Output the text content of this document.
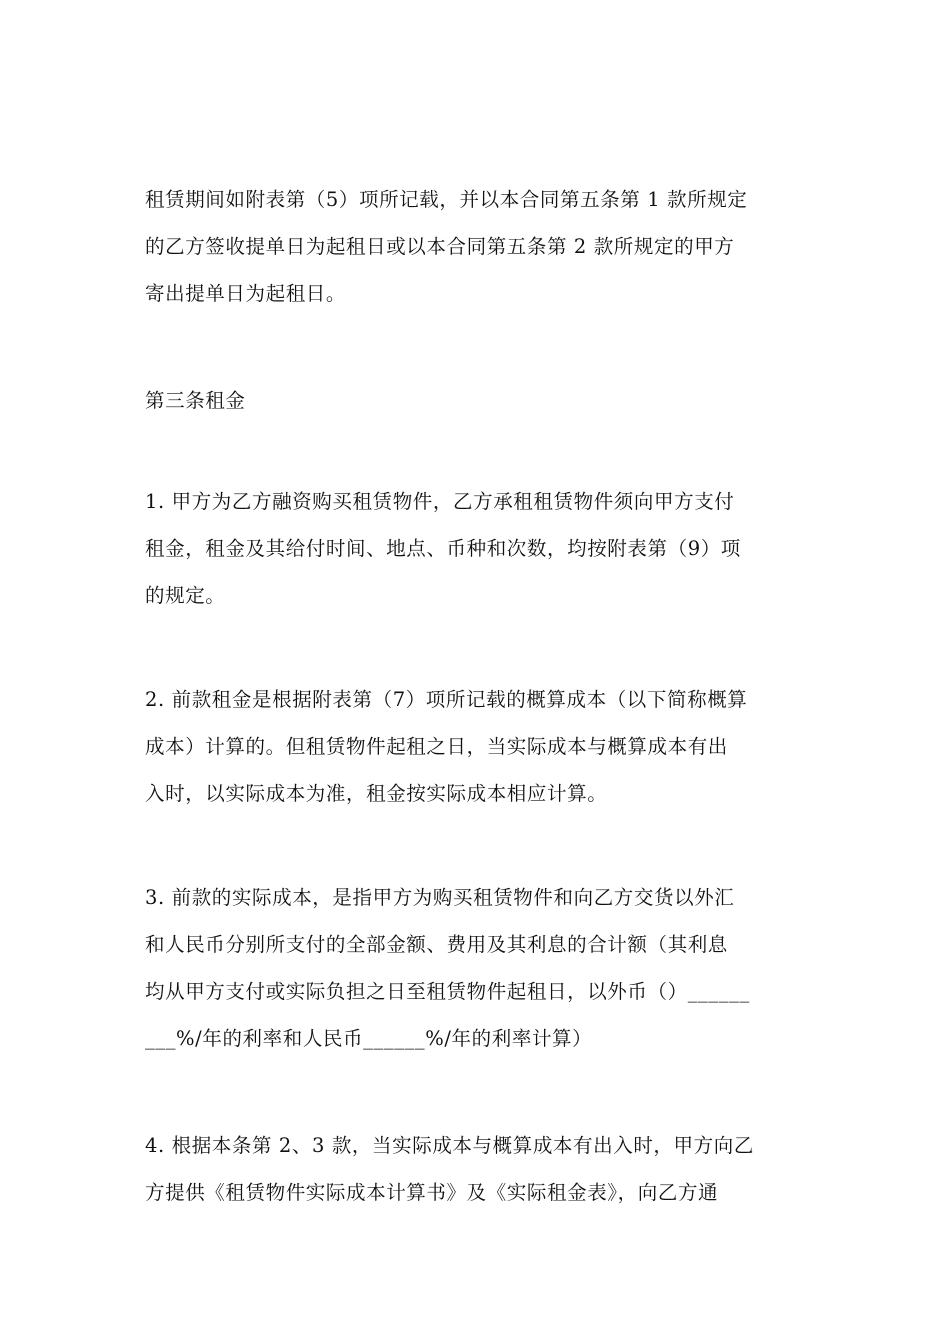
租赁期间如附表第（5）项所记载，并以本合同第五条第 1 款所规定
的乙方签收提单日为起租日或以本合同第五条第 2 款所规定的甲方
寄出提单日为起租日。
第三条租金
1. 甲方为乙方融资购买租赁物件，乙方承租租赁物件须向甲方支付
租金，租金及其给付时间、地点、币种和次数，均按附表第（9）项
的规定。
2. 前款租金是根据附表第（7）项所记载的概算成本（以下简称概算
成本）计算的。但租赁物件起租之日，当实际成本与概算成本有出
入时，以实际成本为准，租金按实际成本相应计算。
3. 前款的实际成本，是指甲方为购买租赁物件和向乙方交货以外汇
和人民币分别所支付的全部金额、费用及其利息的合计额（其利息
均从甲方支付或实际负担之日至租赁物件起租日，以外币（）______
___%/年的利率和人民币______%/年的利率计算）
4. 根据本条第 2、3 款，当实际成本与概算成本有出入时，甲方向乙
方提供《租赁物件实际成本计算书》及《实际租金表》，向乙方通
